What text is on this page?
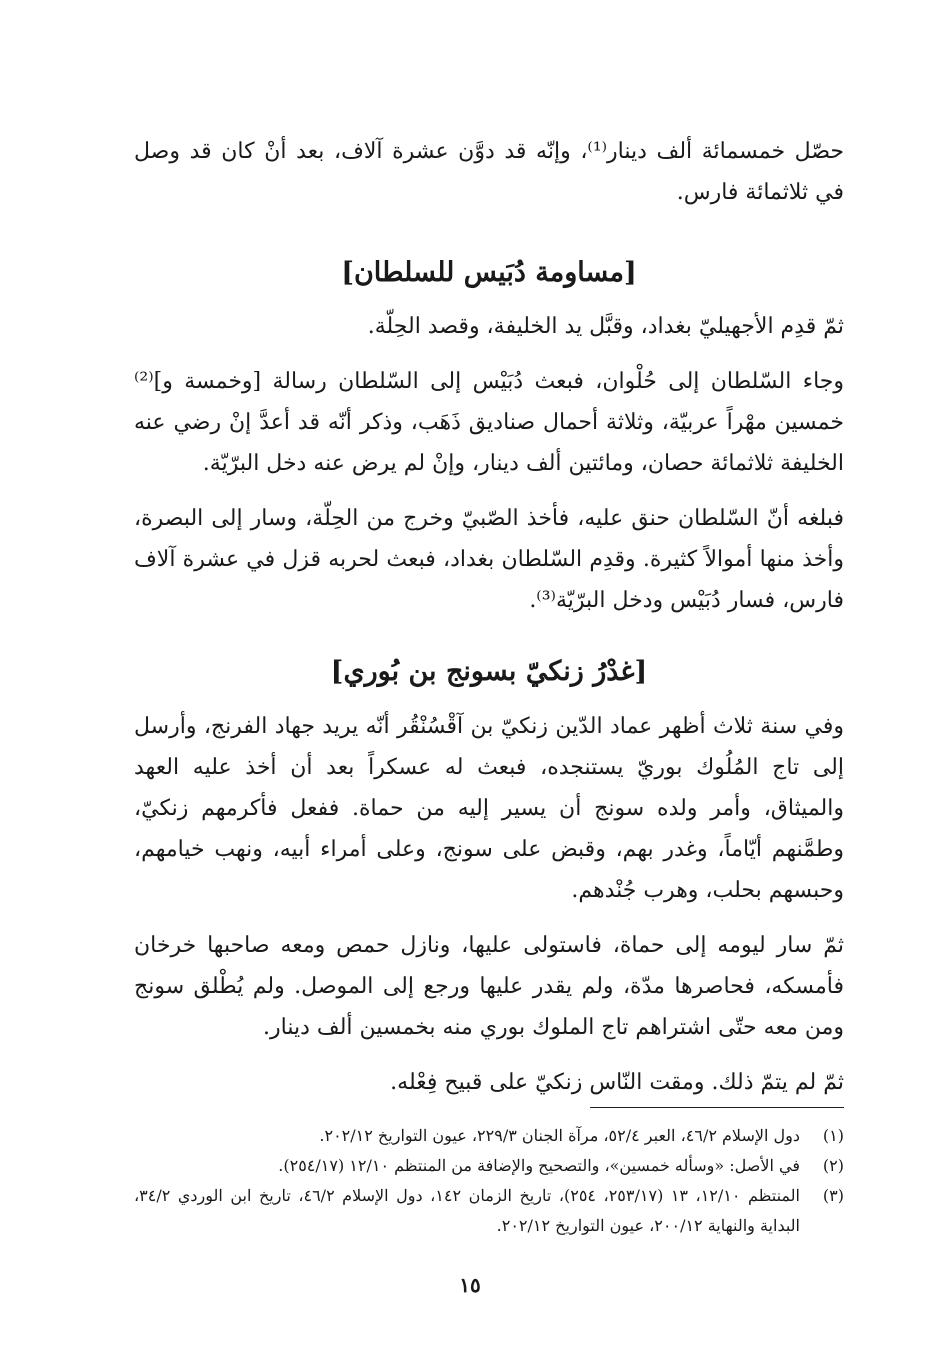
حصّل خمسمائة ألف دينار⁽¹⁾، وإنّه قد دوَّن عشرة آلاف، بعد أنْ كان قد وصل في ثلاثمائة فارس.

[مساومة دُبَيس للسلطان]

ثمّ قدِم الأجهيليّ بغداد، وقبَّل يد الخليفة، وقصد الحِلّة.

وجاء السّلطان إلى حُلْوان، فبعث دُبَيْس إلى السّلطان رسالة [وخمسة و]⁽²⁾ خمسين مهْراً عربيّة، وثلاثة أحمال صناديق ذَهَب، وذكر أنّه قد أعدَّ إنْ رضي عنه الخليفة ثلاثمائة حصان، ومائتين ألف دينار، وإنْ لم يرض عنه دخل البرّيّة.

فبلغه أنّ السّلطان حنق عليه، فأخذ الصّبيّ وخرج من الحِلّة، وسار إلى البصرة، وأخذ منها أموالاً كثيرة. وقدِم السّلطان بغداد، فبعث لحربه قزل في عشرة آلاف فارس، فسار دُبَيْس ودخل البرّيّة⁽³⁾.

[غدْرُ زنكيّ بسونج بن بُوري]

وفي سنة ثلاث أظهر عماد الدّين زنكيّ بن آقْسُنْقُر أنّه يريد جهاد الفرنج، وأرسل إلى تاج المُلُوك بوريّ يستنجده، فبعث له عسكراً بعد أن أخذ عليه العهد والميثاق، وأمر ولده سونج أن يسير إليه من حماة. ففعل فأكرمهم زنكيّ، وطمَّنهم أيّاماً، وغدر بهم، وقبض على سونج، وعلى أمراء أبيه، ونهب خيامهم، وحبسهم بحلب، وهرب جُنْدهم.

ثمّ سار ليومه إلى حماة، فاستولى عليها، ونازل حمص ومعه صاحبها خرخان فأمسكه، فحاصرها مدّة، ولم يقدر عليها ورجع إلى الموصل. ولم يُطْلق سونج ومن معه حتّى اشتراهم تاج الملوك بوري منه بخمسين ألف دينار.

ثمّ لم يتمّ ذلك. ومقت النّاس زنكيّ على قبيح فِعْله.

(١)
دول الإسلام ٤٦/٢، العبر ٥٢/٤، مرآة الجنان ٢٢٩/٣، عيون التواريخ ٢٠٢/١٢.
(٢)
في الأصل: «وسأله خمسين»، والتصحيح والإضافة من المنتظم ١٢/١٠ (٢٥٤/١٧).
(٣)
المنتظم ١٢/١٠، ١٣ (٢٥٣/١٧، ٢٥٤)، تاريخ الزمان ١٤٢، دول الإسلام ٤٦/٢، تاريخ ابن الوردي ٣٤/٢، البداية والنهاية ٢٠٠/١٢، عيون التواريخ ٢٠٢/١٢.
١٥
